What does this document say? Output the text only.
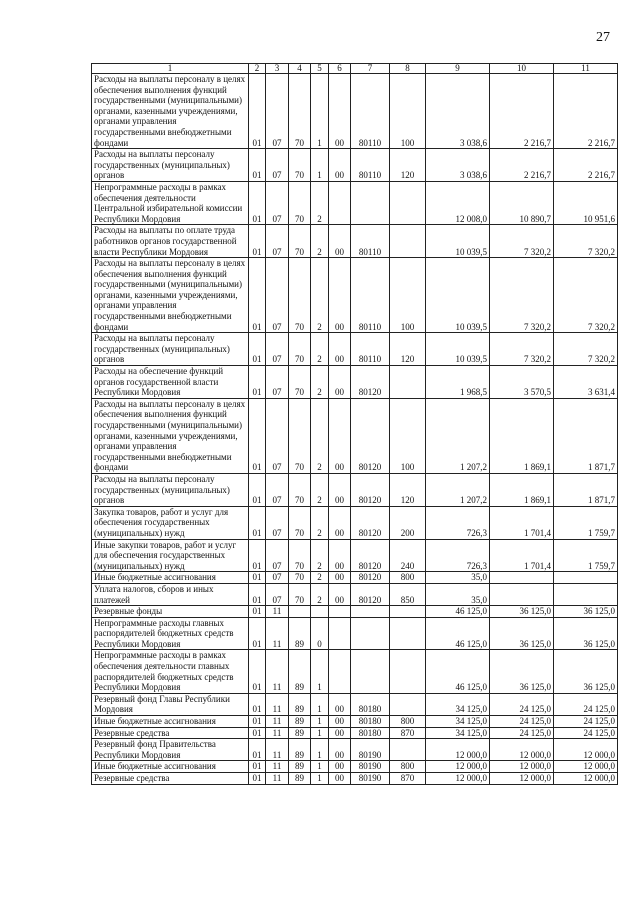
27
1	2	3	4	5	6	7	8	9	10	11
Расходы на выплаты персоналу в целях обеспечения выполнения функций государственными (муниципальными) органами, казенными учреждениями, органами управления государственными внебюджетными фондами	01	07	70	1	00	80110	100	3 038,6	2 216,7	2 216,7
Расходы на выплаты персоналу государственных (муниципальных) органов	01	07	70	1	00	80110	120	3 038,6	2 216,7	2 216,7
Непрограммные расходы в рамках обеспечения деятельности Центральной избирательной комиссии Республики Мордовия	01	07	70	2				12 008,0	10 890,7	10 951,6
Расходы на выплаты по оплате труда работников органов государственной власти Республики Мордовия	01	07	70	2	00	80110		10 039,5	7 320,2	7 320,2
Расходы на выплаты персоналу в целях обеспечения выполнения функций государственными (муниципальными) органами, казенными учреждениями, органами управления государственными внебюджетными фондами	01	07	70	2	00	80110	100	10 039,5	7 320,2	7 320,2
Расходы на выплаты персоналу государственных (муниципальных) органов	01	07	70	2	00	80110	120	10 039,5	7 320,2	7 320,2
Расходы на обеспечение функций органов государственной власти Республики Мордовия	01	07	70	2	00	80120		1 968,5	3 570,5	3 631,4
Расходы на выплаты персоналу в целях обеспечения выполнения функций государственными (муниципальными) органами, казенными учреждениями, органами управления государственными внебюджетными фондами	01	07	70	2	00	80120	100	1 207,2	1 869,1	1 871,7
Расходы на выплаты персоналу государственных (муниципальных) органов	01	07	70	2	00	80120	120	1 207,2	1 869,1	1 871,7
Закупка товаров, работ и услуг для обеспечения государственных (муниципальных) нужд	01	07	70	2	00	80120	200	726,3	1 701,4	1 759,7
Иные закупки товаров, работ и услуг для обеспечения государственных (муниципальных) нужд	01	07	70	2	00	80120	240	726,3	1 701,4	1 759,7
Иные бюджетные ассигнования	01	07	70	2	00	80120	800	35,0		
Уплата налогов, сборов и иных платежей	01	07	70	2	00	80120	850	35,0		
Резервные фонды	01	11						46 125,0	36 125,0	36 125,0
Непрограммные расходы главных распорядителей бюджетных средств Республики Мордовия	01	11	89	0				46 125,0	36 125,0	36 125,0
Непрограммные расходы в рамках обеспечения деятельности главных распорядителей бюджетных средств Республики Мордовия	01	11	89	1				46 125,0	36 125,0	36 125,0
Резервный фонд Главы Республики Мордовия	01	11	89	1	00	80180		34 125,0	24 125,0	24 125,0
Иные бюджетные ассигнования	01	11	89	1	00	80180	800	34 125,0	24 125,0	24 125,0
Резервные средства	01	11	89	1	00	80180	870	34 125,0	24 125,0	24 125,0
Резервный фонд Правительства Республики Мордовия	01	11	89	1	00	80190		12 000,0	12 000,0	12 000,0
Иные бюджетные ассигнования	01	11	89	1	00	80190	800	12 000,0	12 000,0	12 000,0
Резервные средства	01	11	89	1	00	80190	870	12 000,0	12 000,0	12 000,0
